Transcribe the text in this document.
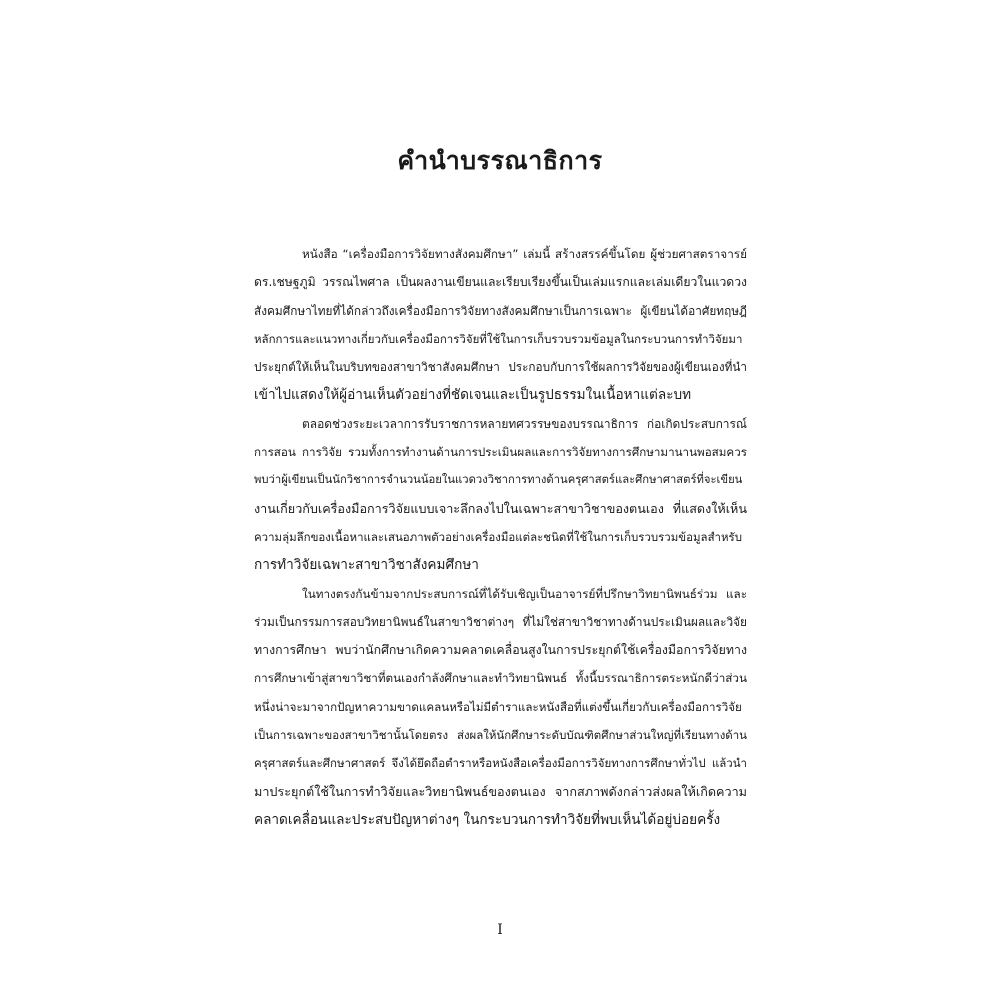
คำนำบรรณาธิการ
หนังสือ “เครื่องมือการวิจัยทางสังคมศึกษา” เล่มนี้ สร้างสรรค์ขึ้นโดย ผู้ช่วยศาสตราจารย์
ดร.เชษฐภูมิ วรรณไพศาล เป็นผลงานเขียนและเรียบเรียงขึ้นเป็นเล่มแรกและเล่มเดียวในแวดวง
สังคมศึกษาไทยที่ได้กล่าวถึงเครื่องมือการวิจัยทางสังคมศึกษาเป็นการเฉพาะ ผู้เขียนได้อาศัยทฤษฎี
หลักการและแนวทางเกี่ยวกับเครื่องมือการวิจัยที่ใช้ในการเก็บรวบรวมข้อมูลในกระบวนการทำวิจัยมา
ประยุกต์ให้เห็นในบริบทของสาขาวิชาสังคมศึกษา ประกอบกับการใช้ผลการวิจัยของผู้เขียนเองที่นำ
เข้าไปแสดงให้ผู้อ่านเห็นตัวอย่างที่ชัดเจนและเป็นรูปธรรมในเนื้อหาแต่ละบท
ตลอดช่วงระยะเวลาการรับราชการหลายทศวรรษของบรรณาธิการ ก่อเกิดประสบการณ์
การสอน การวิจัย รวมทั้งการทำงานด้านการประเมินผลและการวิจัยทางการศึกษามานานพอสมควร
พบว่าผู้เขียนเป็นนักวิชาการจำนวนน้อยในแวดวงวิชาการทางด้านครุศาสตร์และศึกษาศาสตร์ที่จะเขียน
งานเกี่ยวกับเครื่องมือการวิจัยแบบเจาะลึกลงไปในเฉพาะสาขาวิชาของตนเอง ที่แสดงให้เห็น
ความลุ่มลึกของเนื้อหาและเสนอภาพตัวอย่างเครื่องมือแต่ละชนิดที่ใช้ในการเก็บรวบรวมข้อมูลสำหรับ
การทำวิจัยเฉพาะสาขาวิชาสังคมศึกษา
ในทางตรงกันข้ามจากประสบการณ์ที่ได้รับเชิญเป็นอาจารย์ที่ปรึกษาวิทยานิพนธ์ร่วม และ
ร่วมเป็นกรรมการสอบวิทยานิพนธ์ในสาขาวิชาต่างๆ ที่ไม่ใช่สาขาวิชาทางด้านประเมินผลและวิจัย
ทางการศึกษา พบว่านักศึกษาเกิดความคลาดเคลื่อนสูงในการประยุกต์ใช้เครื่องมือการวิจัยทาง
การศึกษาเข้าสู่สาขาวิชาที่ตนเองกำลังศึกษาและทำวิทยานิพนธ์ ทั้งนี้บรรณาธิการตระหนักดีว่าส่วน
หนึ่งน่าจะมาจากปัญหาความขาดแคลนหรือไม่มีตำราและหนังสือที่แต่งขึ้นเกี่ยวกับเครื่องมือการวิจัย
เป็นการเฉพาะของสาขาวิชานั้นโดยตรง ส่งผลให้นักศึกษาระดับบัณฑิตศึกษาส่วนใหญ่ที่เรียนทางด้าน
ครุศาสตร์และศึกษาศาสตร์ จึงได้ยึดถือตำราหรือหนังสือเครื่องมือการวิจัยทางการศึกษาทั่วไป แล้วนำ
มาประยุกต์ใช้ในการทำวิจัยและวิทยานิพนธ์ของตนเอง จากสภาพดังกล่าวส่งผลให้เกิดความ
คลาดเคลื่อนและประสบปัญหาต่างๆ ในกระบวนการทำวิจัยที่พบเห็นได้อยู่บ่อยครั้ง
I
